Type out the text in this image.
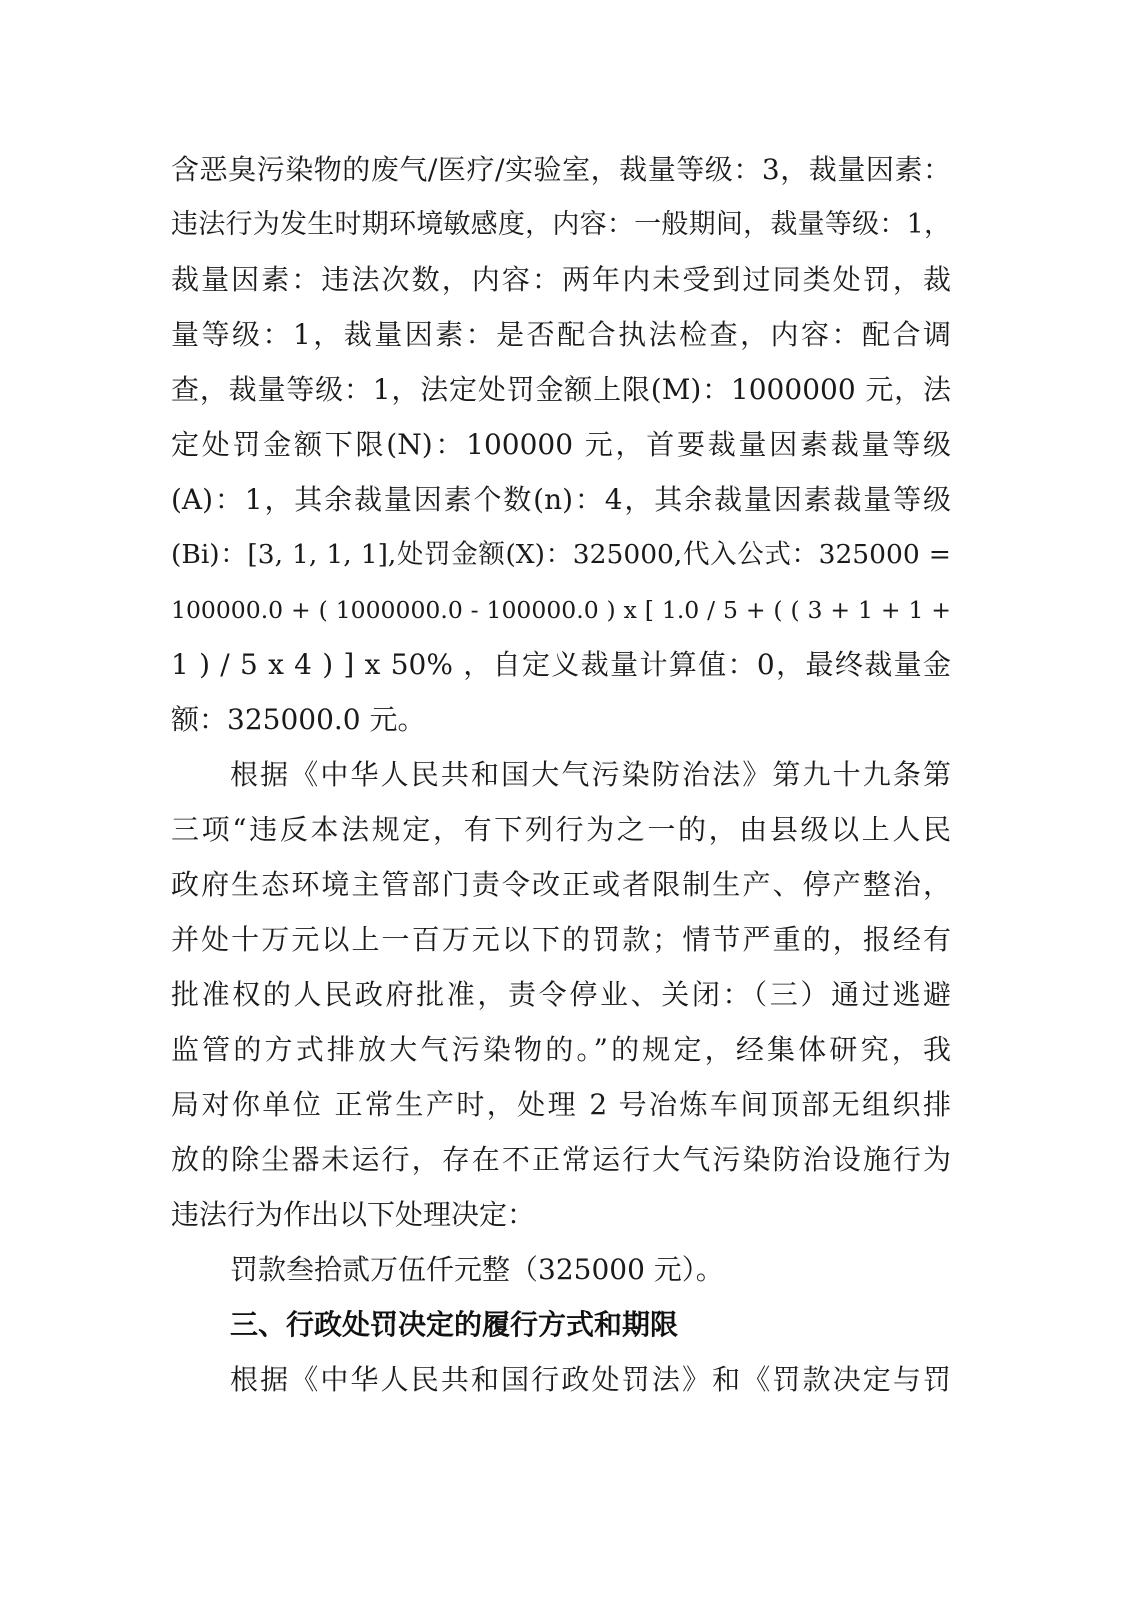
含恶臭污染物的废气/医疗/实验室，裁量等级：3，裁量因素：
违法行为发生时期环境敏感度，内容：一般期间，裁量等级：1，
裁量因素：违法次数，内容：两年内未受到过同类处罚，裁
量等级：1，裁量因素：是否配合执法检查，内容：配合调
查，裁量等级：1，法定处罚金额上限(M)：1000000 元，法
定处罚金额下限(N)：100000 元，首要裁量因素裁量等级
(A)：1，其余裁量因素个数(n)：4，其余裁量因素裁量等级
(Bi)：[3, 1, 1, 1],处罚金额(X)：325000,代入公式：325000 =
100000.0 + ( 1000000.0 - 100000.0 ) x [ 1.0 / 5 + ( ( 3 + 1 + 1 +
1 ) / 5 x 4 ) ] x 50% ，自定义裁量计算值：0，最终裁量金
额：325000.0 元。
根据《中华人民共和国大气污染防治法》第九十九条第
三项“违反本法规定，有下列行为之一的，由县级以上人民
政府生态环境主管部门责令改正或者限制生产、停产整治，
并处十万元以上一百万元以下的罚款；情节严重的，报经有
批准权的人民政府批准，责令停业、关闭：（三）通过逃避
监管的方式排放大气污染物的。”的规定，经集体研究，我
局对你单位 正常生产时，处理 2 号冶炼车间顶部无组织排
放的除尘器未运行，存在不正常运行大气污染防治设施行为
违法行为作出以下处理决定：
罚款叁拾贰万伍仟元整（325000 元）。
三、行政处罚决定的履行方式和期限
根据《中华人民共和国行政处罚法》和《罚款决定与罚
